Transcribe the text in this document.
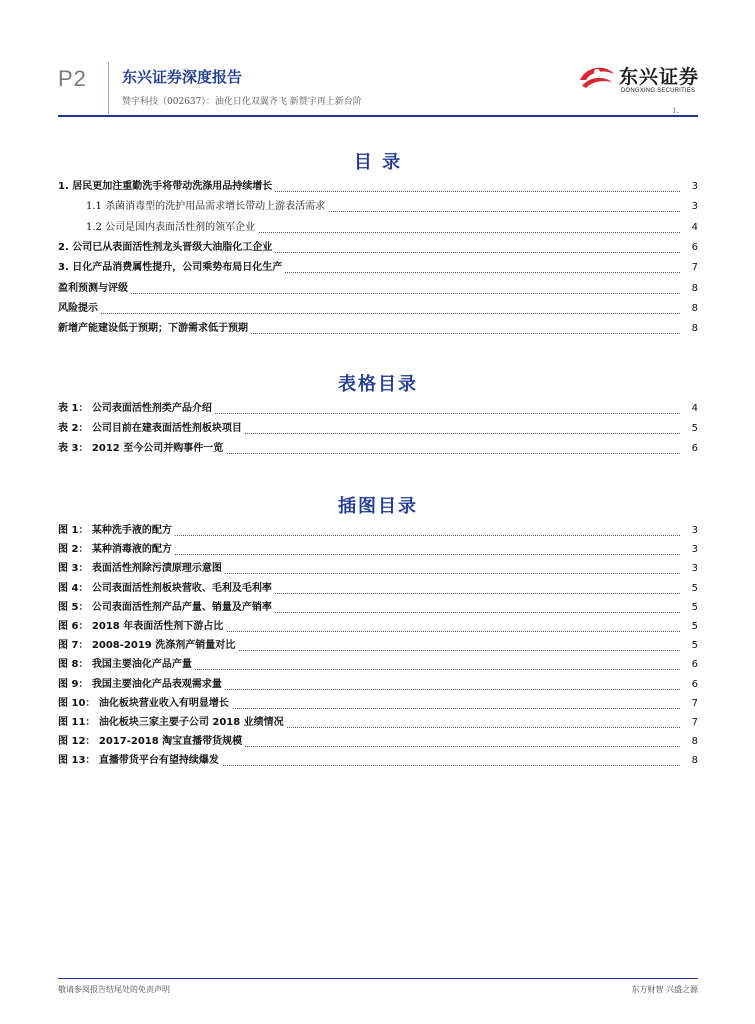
P2 东兴证券深度报告
赞宇科技（002637）：油化日化双翼齐飞 新赞宇再上新台阶
东兴证券
DONGXING SECURITIES
1.
目 录
1. 居民更加注重勤洗手将带动洗涤用品持续增长	3
1.1 杀菌消毒型的洗护用品需求增长带动上游表活需求	3
1.2 公司是国内表面活性剂的领军企业	4
2. 公司已从表面活性剂龙头晋级大油脂化工企业	6
3. 日化产品消费属性提升，公司乘势布局日化生产	7
盈利预测与评级	8
风险提示	8
新增产能建设低于预期；下游需求低于预期	8
表格目录
表 1： 公司表面活性剂类产品介绍	4
表 2： 公司目前在建表面活性剂板块项目	5
表 3： 2012 至今公司并购事件一览	6
插图目录
图 1： 某种洗手液的配方	3
图 2： 某种消毒液的配方	3
图 3： 表面活性剂除污渍原理示意图	3
图 4： 公司表面活性剂板块营收、毛利及毛利率	5
图 5： 公司表面活性剂产品产量、销量及产销率	5
图 6： 2018 年表面活性剂下游占比	5
图 7： 2008-2019 洗涤剂产销量对比	5
图 8： 我国主要油化产品产量	6
图 9： 我国主要油化产品表观需求量	6
图 10： 油化板块营业收入有明显增长	7
图 11： 油化板块三家主要子公司 2018 业绩情况	7
图 12： 2017-2018 淘宝直播带货规模	8
图 13： 直播带货平台有望持续爆发	8
敬请参阅报告结尾处的免责声明	东方财智 兴盛之源
